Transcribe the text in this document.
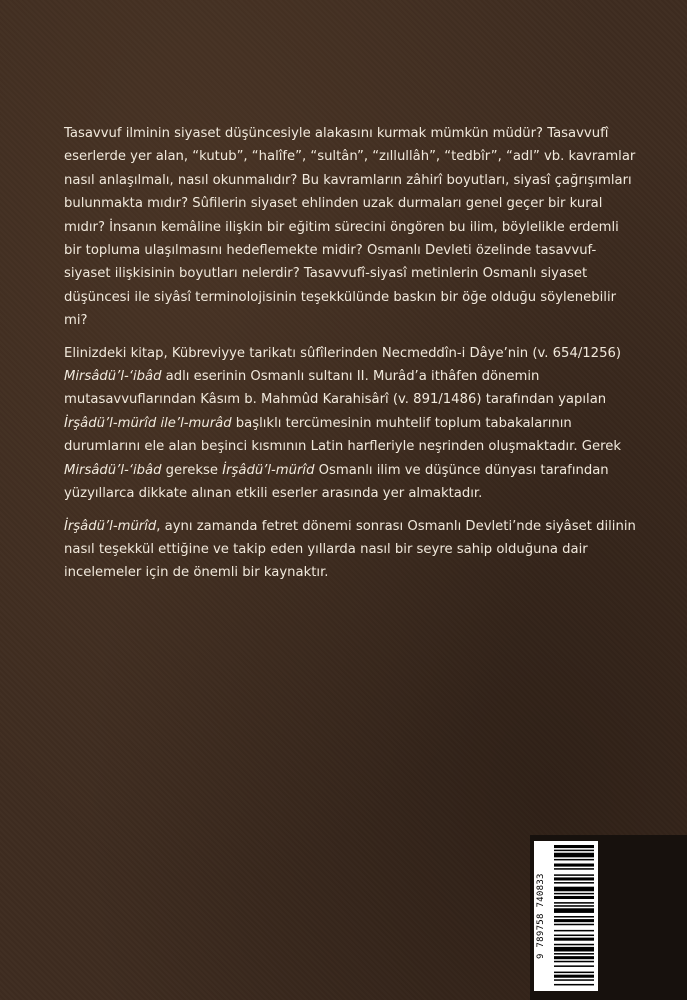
Tasavvuf ilminin siyaset düşüncesiyle alakasını kurmak mümkün müdür? Tasavvufî eserlerde yer alan, “kutub”, “halîfe”, “sultân”, “zıllullâh”, “tedbîr”, “adl” vb. kavramlar nasıl anlaşılmalı, nasıl okunmalıdır? Bu kavramların zâhirî boyutları, siyasî çağrışımları bulunmakta mıdır? Sûfilerin siyaset ehlinden uzak durmaları genel geçer bir kural mıdır? İnsanın kemâline ilişkin bir eğitim sürecini öngören bu ilim, böylelikle erdemli bir topluma ulaşılmasını hedeflemekte midir? Osmanlı Devleti özelinde tasavvuf-siyaset ilişkisinin boyutları nelerdir? Tasavvufî-siyasî metinlerin Osmanlı siyaset düşüncesi ile siyâsî terminolojisinin teşekkülünde baskın bir öğe olduğu söylenebilir mi?

Elinizdeki kitap, Kübreviyye tarikatı sûfîlerinden Necmeddîn-i Dâye’nin (v. 654/1256) Mirsâdü’l-‘ibâd adlı eserinin Osmanlı sultanı II. Murâd’a ithâfen dönemin mutasavvuflarından Kâsım b. Mahmûd Karahisârî (v. 891/1486) tarafından yapılan İrşâdü’l-mürîd ile’l-murâd başlıklı tercümesinin muhtelif toplum tabakalarının durumlarını ele alan beşinci kısmının Latin harfleriyle neşrinden oluşmaktadır. Gerek Mirsâdü’l-‘ibâd gerekse İrşâdü’l-mürîd Osmanlı ilim ve düşünce dünyası tarafından yüzyıllarca dikkate alınan etkili eserler arasında yer almaktadır.

İrşâdü’l-mürîd, aynı zamanda fetret dönemi sonrası Osmanlı Devleti’nde siyâset dilinin nasıl teşekkül ettiğine ve takip eden yıllarda nasıl bir seyre sahip olduğuna dair incelemeler için de önemli bir kaynaktır.

9 789758 740833
